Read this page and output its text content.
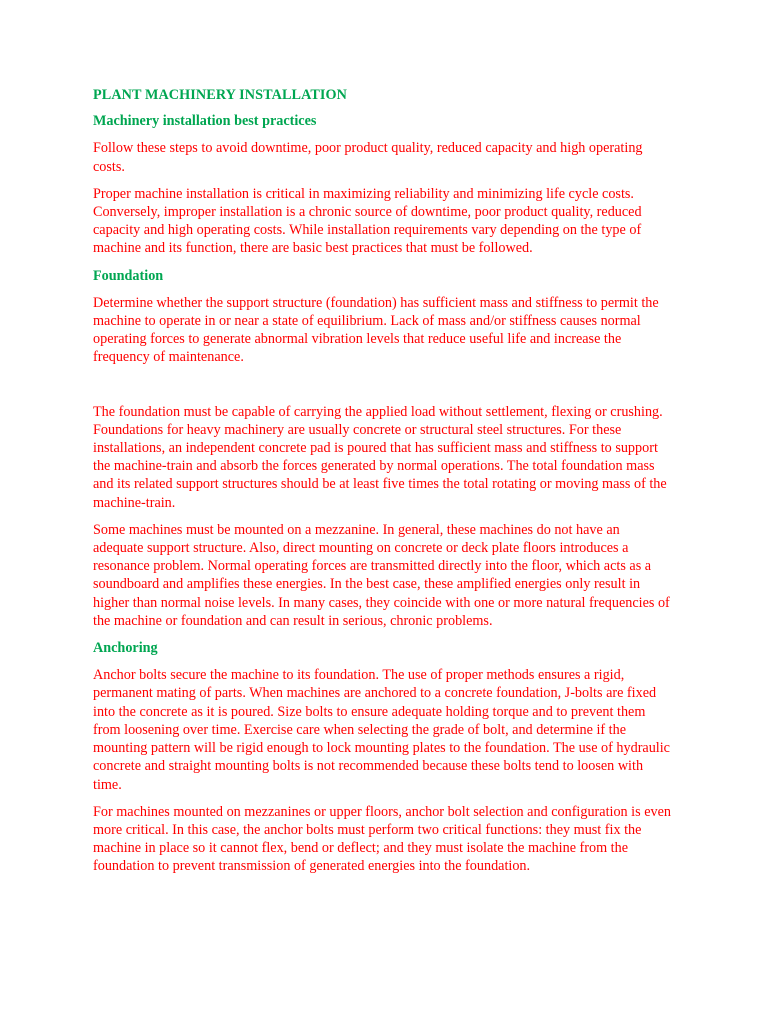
PLANT MACHINERY INSTALLATION
Machinery installation best practices

Follow these steps to avoid downtime, poor product quality, reduced capacity and high operating costs.

Proper machine installation is critical in maximizing reliability and minimizing life cycle costs. Conversely, improper installation is a chronic source of downtime, poor product quality, reduced capacity and high operating costs. While installation requirements vary depending on the type of machine and its function, there are basic best practices that must be followed.

Foundation

Determine whether the support structure (foundation) has sufficient mass and stiffness to permit the machine to operate in or near a state of equilibrium. Lack of mass and/or stiffness causes normal operating forces to generate abnormal vibration levels that reduce useful life and increase the frequency of maintenance.

The foundation must be capable of carrying the applied load without settlement, flexing or crushing. Foundations for heavy machinery are usually concrete or structural steel structures. For these installations, an independent concrete pad is poured that has sufficient mass and stiffness to support the machine-train and absorb the forces generated by normal operations. The total foundation mass and its related support structures should be at least five times the total rotating or moving mass of the machine-train.

Some machines must be mounted on a mezzanine. In general, these machines do not have an adequate support structure. Also, direct mounting on concrete or deck plate floors introduces a resonance problem. Normal operating forces are transmitted directly into the floor, which acts as a soundboard and amplifies these energies. In the best case, these amplified energies only result in higher than normal noise levels. In many cases, they coincide with one or more natural frequencies of the machine or foundation and can result in serious, chronic problems.

Anchoring

Anchor bolts secure the machine to its foundation. The use of proper methods ensures a rigid, permanent mating of parts. When machines are anchored to a concrete foundation, J-bolts are fixed into the concrete as it is poured. Size bolts to ensure adequate holding torque and to prevent them from loosening over time. Exercise care when selecting the grade of bolt, and determine if the mounting pattern will be rigid enough to lock mounting plates to the foundation. The use of hydraulic concrete and straight mounting bolts is not recommended because these bolts tend to loosen with time.

For machines mounted on mezzanines or upper floors, anchor bolt selection and configuration is even more critical. In this case, the anchor bolts must perform two critical functions: they must fix the machine in place so it cannot flex, bend or deflect; and they must isolate the machine from the foundation to prevent transmission of generated energies into the foundation.
